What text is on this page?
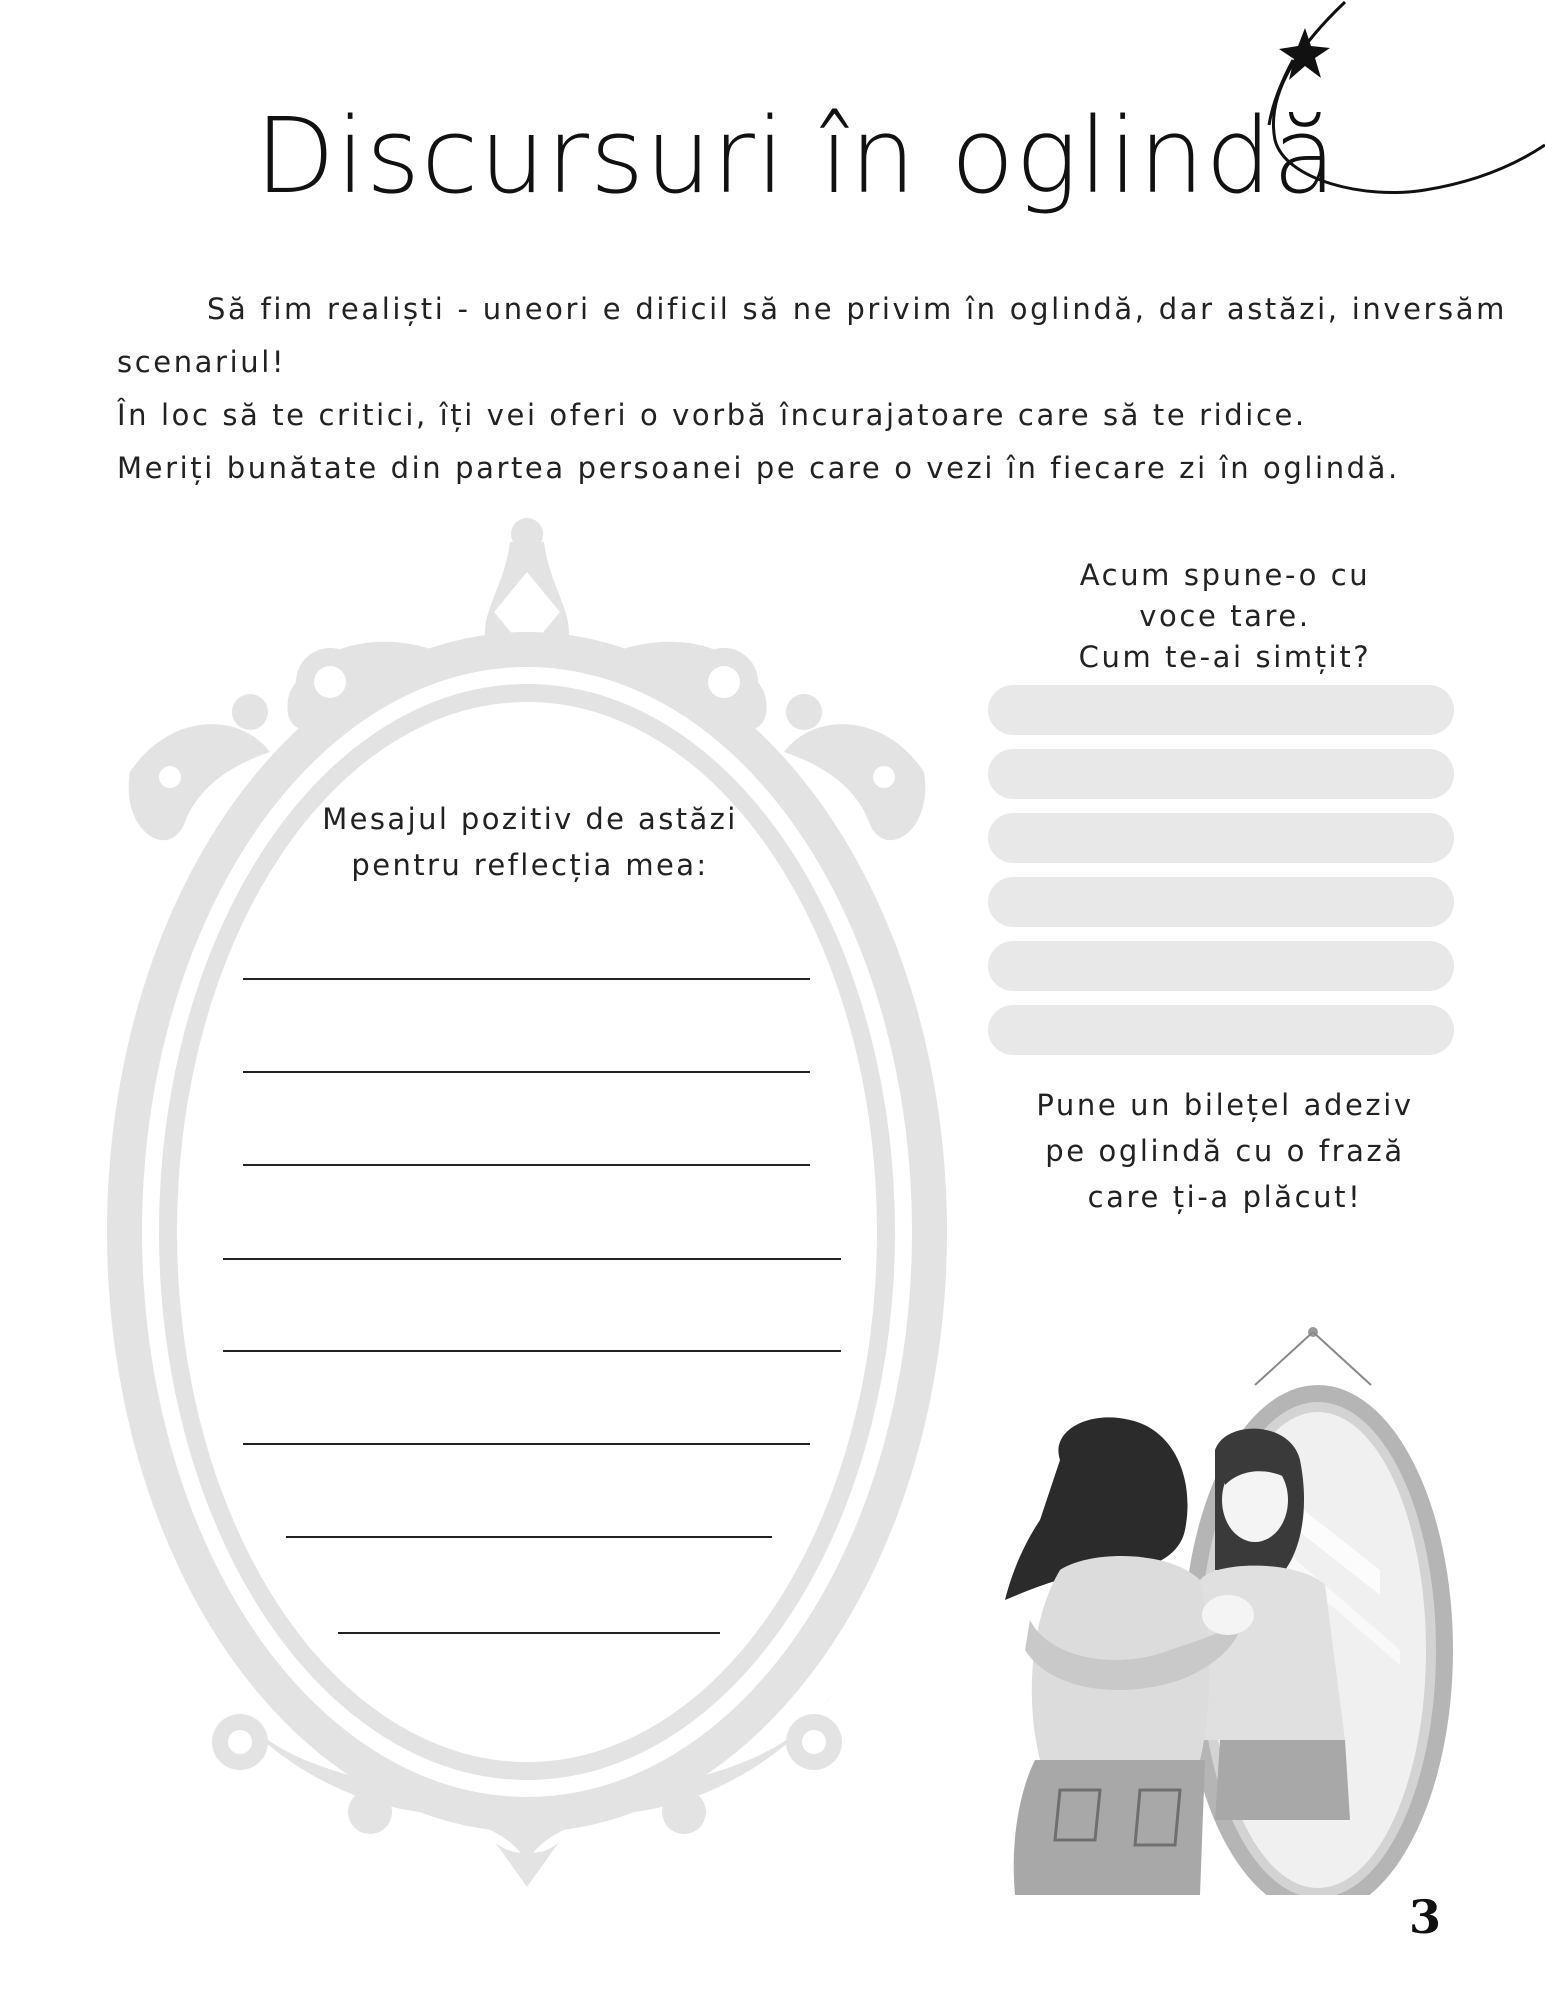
Discursuri în oglindă

Să fim realiști - uneori e dificil să ne privim în oglindă, dar astăzi, inversăm scenariul!

În loc să te critici, îți vei oferi o vorbă încurajatoare care să te ridice.

Meriți bunătate din partea persoanei pe care o vezi în fiecare zi în oglindă.

Mesajul pozitiv de astăzi
pentru reflecția mea:
Acum spune-o cu
voce tare.
Cum te-ai simțit?
Pune un bilețel adeziv
pe oglindă cu o frază
care ți-a plăcut!
3
